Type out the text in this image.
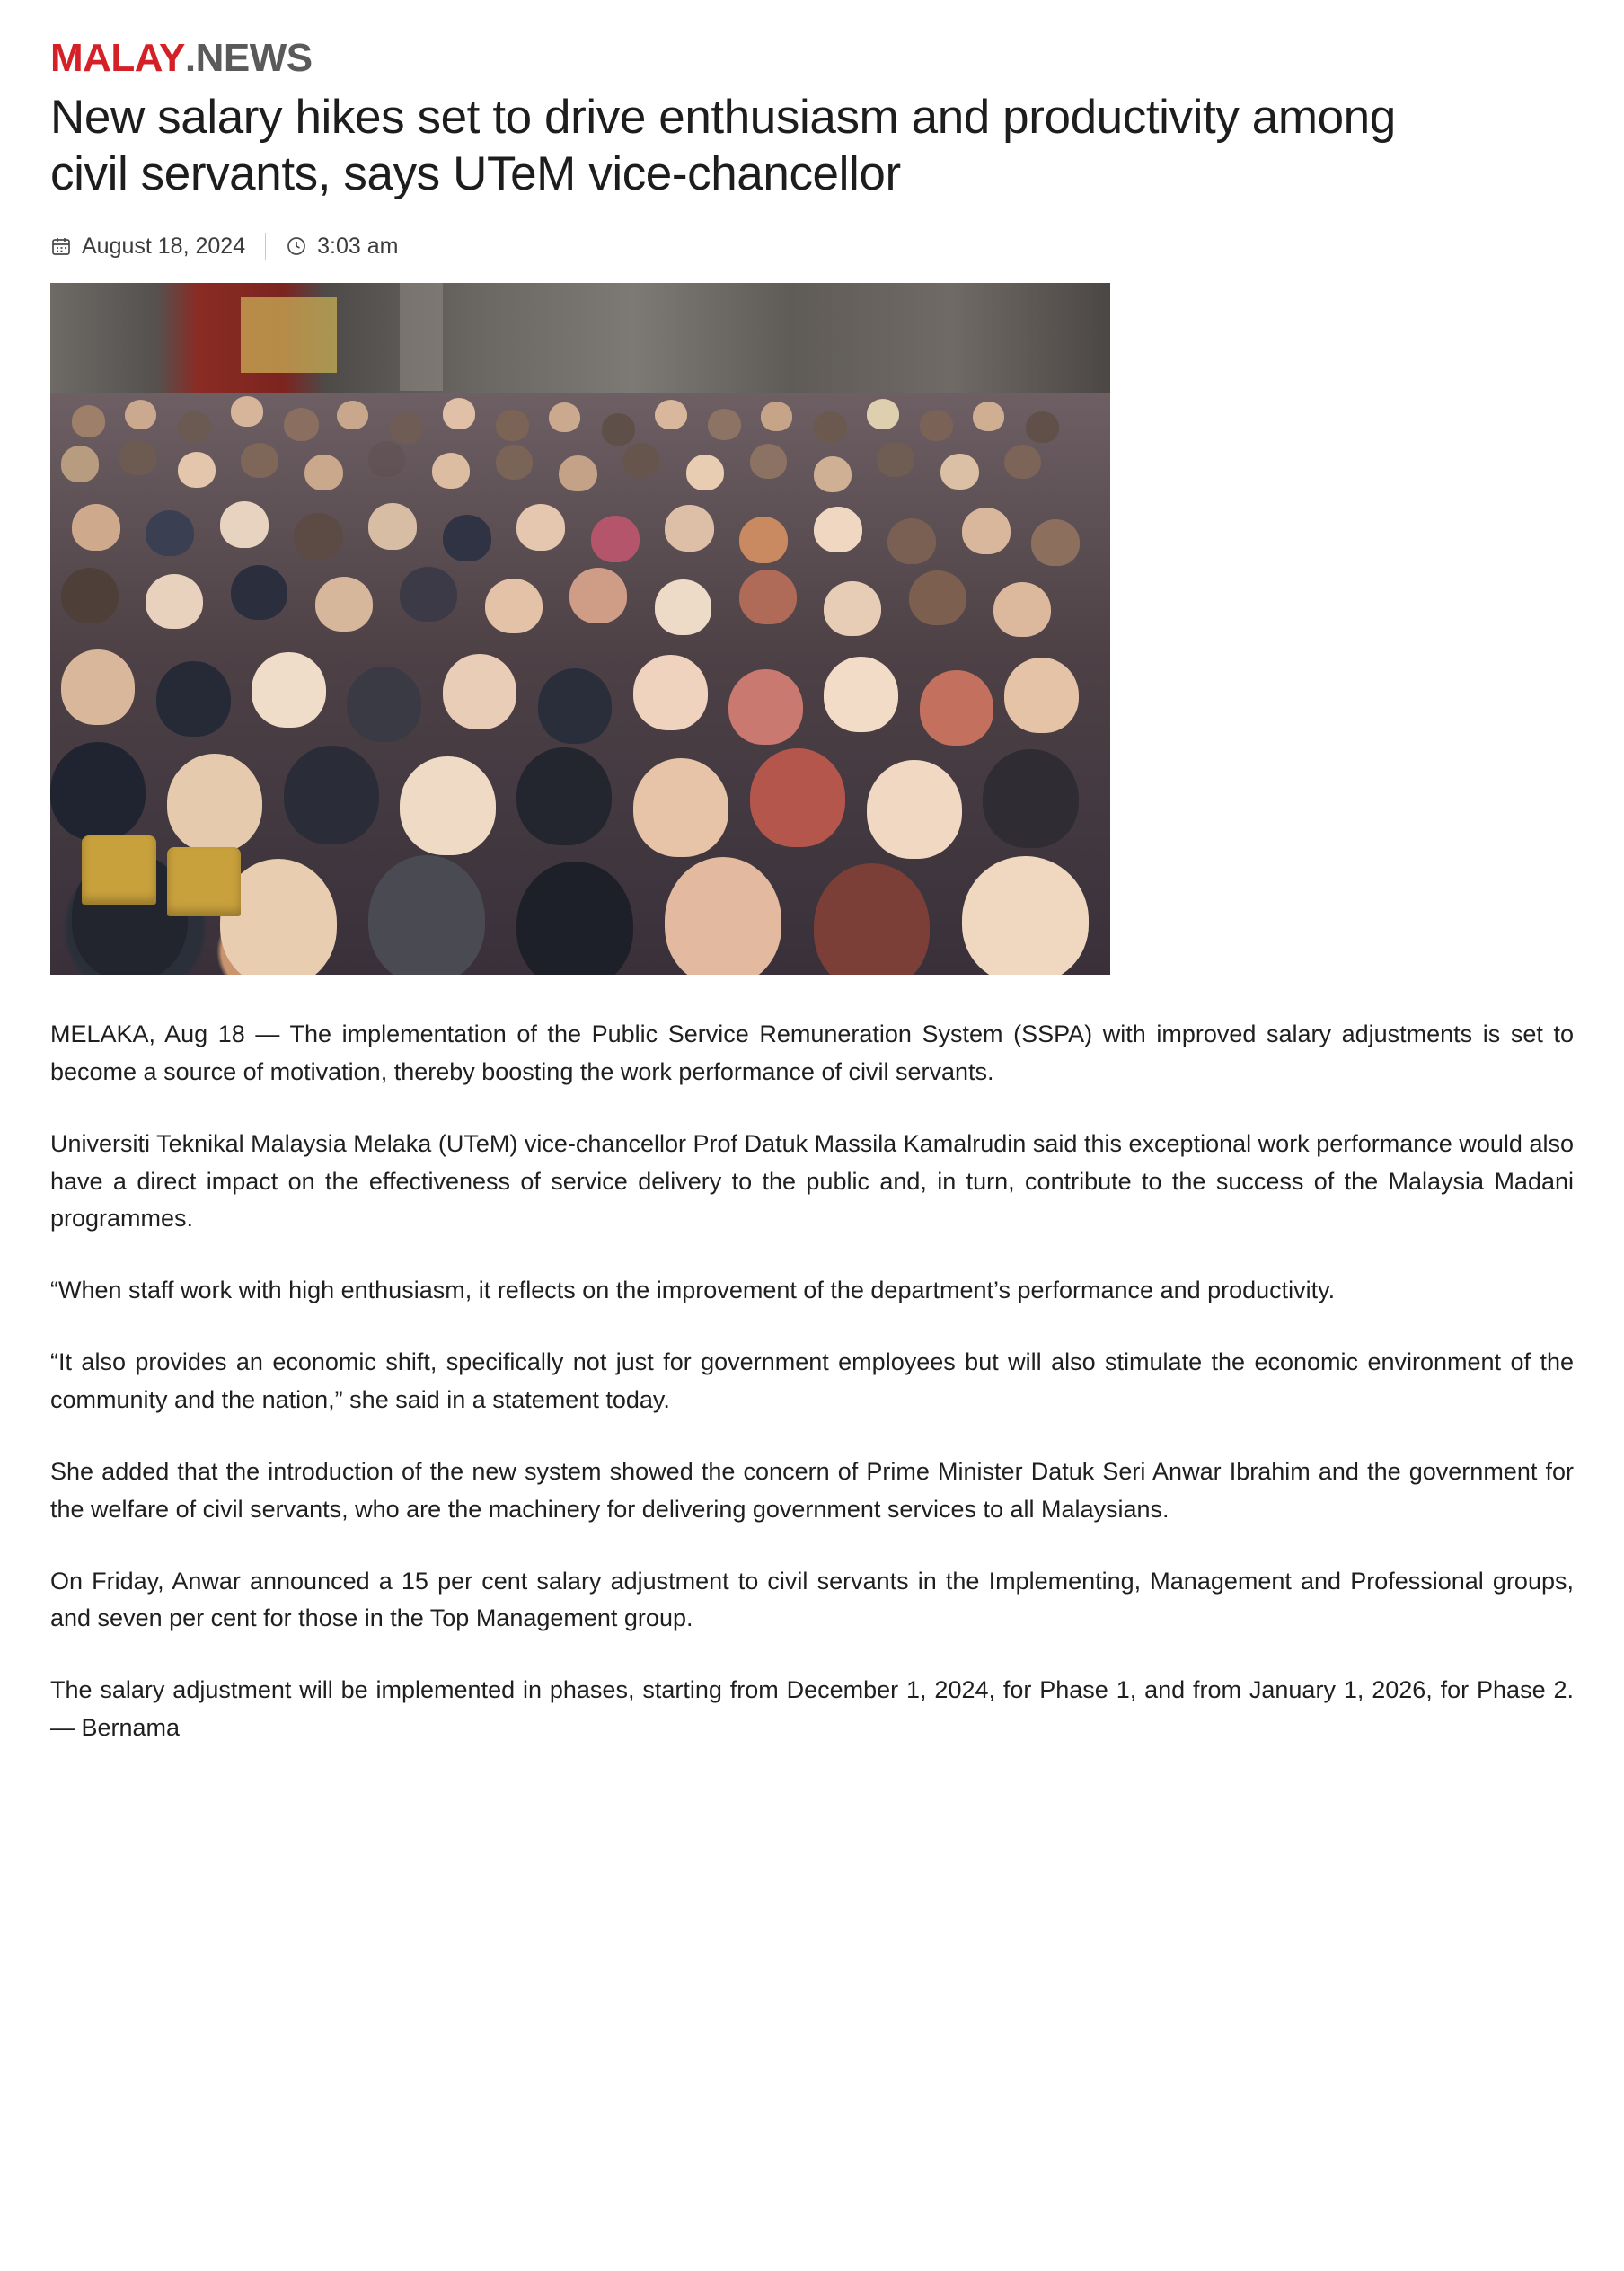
MALAY . NEWS
New salary hikes set to drive enthusiasm and productivity among civil servants, says UTeM vice-chancellor
August 18, 2024	3:03 am

MELAKA, Aug 18 — The implementation of the Public Service Remuneration System (SSPA) with improved salary adjustments is set to become a source of motivation, thereby boosting the work performance of civil servants.

Universiti Teknikal Malaysia Melaka (UTeM) vice-chancellor Prof Datuk Massila Kamalrudin said this exceptional work performance would also have a direct impact on the effectiveness of service delivery to the public and, in turn, contribute to the success of the Malaysia Madani programmes.

“When staff work with high enthusiasm, it reflects on the improvement of the department’s performance and productivity.

“It also provides an economic shift, specifically not just for government employees but will also stimulate the economic environment of the community and the nation,” she said in a statement today.

She added that the introduction of the new system showed the concern of Prime Minister Datuk Seri Anwar Ibrahim and the government for the welfare of civil servants, who are the machinery for delivering government services to all Malaysians.

On Friday, Anwar announced a 15 per cent salary adjustment to civil servants in the Implementing, Management and Professional groups, and seven per cent for those in the Top Management group.

The salary adjustment will be implemented in phases, starting from December 1, 2024, for Phase 1, and from January 1, 2026, for Phase 2. — Bernama
